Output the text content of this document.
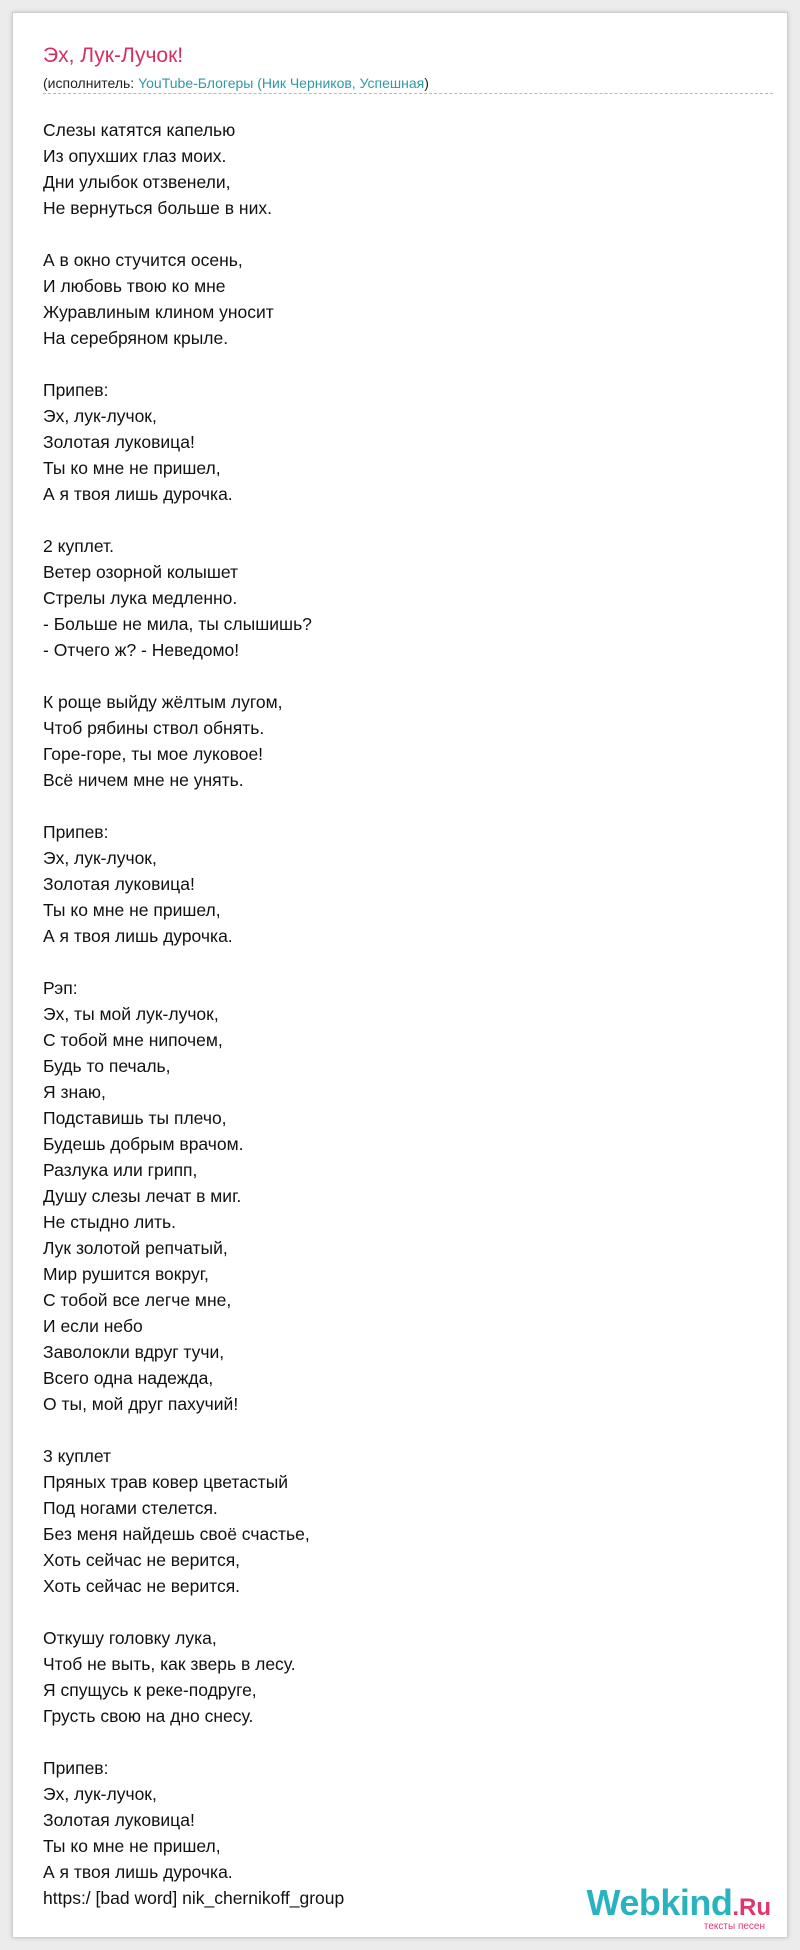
Эх, Лук-Лучок!
(исполнитель: YouTube-Блогеры (Ник Черников, Успешная)
Слезы катятся капелью
Из опухших глаз моих.
Дни улыбок отзвенели,
Не вернуться больше в них.
А в окно стучится осень,
И любовь твою ко мне
Журавлиным клином уносит
На серебряном крыле.
Припев:
Эх, лук-лучок,
Золотая луковица!
Ты ко мне не пришел,
А я твоя лишь дурочка.
2 куплет.
Ветер озорной колышет
Стрелы лука медленно.
- Больше не мила, ты слышишь?
- Отчего ж? - Неведомо!
К роще выйду жёлтым лугом,
Чтоб рябины ствол обнять.
Горе-горе, ты мое луковое!
Всё ничем мне не унять.
Припев:
Эх, лук-лучок,
Золотая луковица!
Ты ко мне не пришел,
А я твоя лишь дурочка.
Рэп:
Эх, ты мой лук-лучок,
С тобой мне нипочем,
Будь то печаль,
Я знаю,
Подставишь ты плечо,
Будешь добрым врачом.
Разлука или грипп,
Душу слезы лечат в миг.
Не стыдно лить.
Лук золотой репчатый,
Мир рушится вокруг,
С тобой все легче мне,
И если небо
Заволокли вдруг тучи,
Всего одна надежда,
О ты, мой друг пахучий!
3 куплет
Пряных трав ковер цветастый
Под ногами стелется.
Без меня найдешь своё счастье,
Хоть сейчас не верится,
Хоть сейчас не верится.
Откушу головку лука,
Чтоб не выть, как зверь в лесу.
Я спущусь к реке-подруге,
Грусть свою на дно снесу.
Припев:
Эх, лук-лучок,
Золотая луковица!
Ты ко мне не пришел,
А я твоя лишь дурочка.
https:/ [bad word] nik_chernikoff_group	Webkind.Ru
тексты песен
